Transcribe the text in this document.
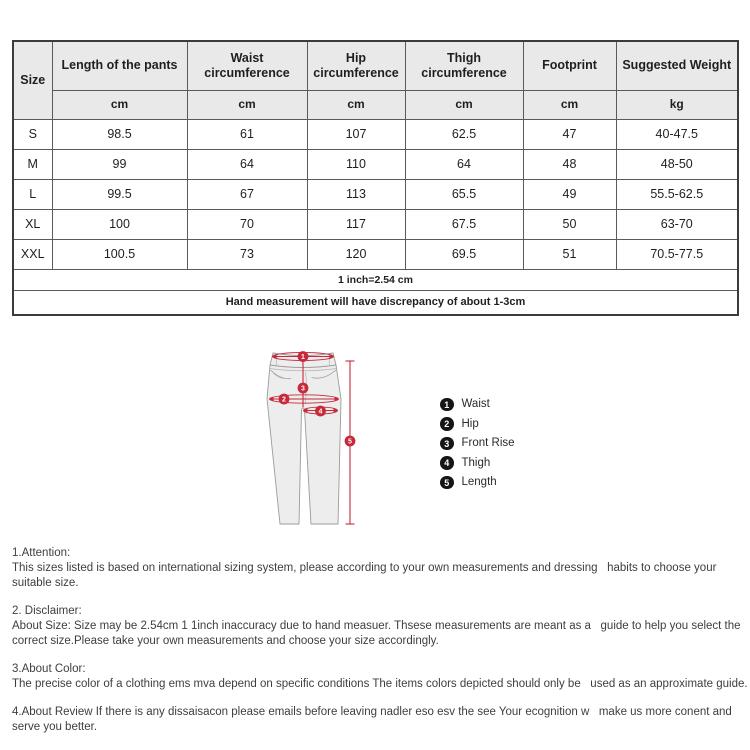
Size	Length of the pants	Waist circumference	Hip circumference	Thigh circumference	Footprint	Suggested Weight
	cm	cm	cm	cm	cm	kg
S	98.5	61	107	62.5	47	40-47.5
M	99	64	110	64	48	48-50
L	99.5	67	113	65.5	49	55.5-62.5
XL	100	70	117	67.5	50	63-70
XXL	100.5	73	120	69.5	51	70.5-77.5
1 inch=2.54 cm						
Hand measurement will have discrepancy of about 1-3cm						
1
2
3
4
5
1	Waist
2	Hip
3	Front Rise
4	Thigh
5	Length
1.Attention:
This sizes listed is based on international sizing system, please according to your own measurements and dressing   habits to choose your suitable size.
2. Disclaimer:
About Size: Size may be 2.54cm 1 1inch inaccuracy due to hand measuer. Thsese measurements are meant as a   guide to help you select the correct size.Please take your own measurements and choose your size accordingly.
3.About Color:
The precise color of a clothing ems mva depend on specific conditions The items colors depicted should only be   used as an approximate guide.
4.About Review If there is any dissaisacon please emails before leaving nadler eso esv the see Your ecognition w   make us more conent and serve you better.
